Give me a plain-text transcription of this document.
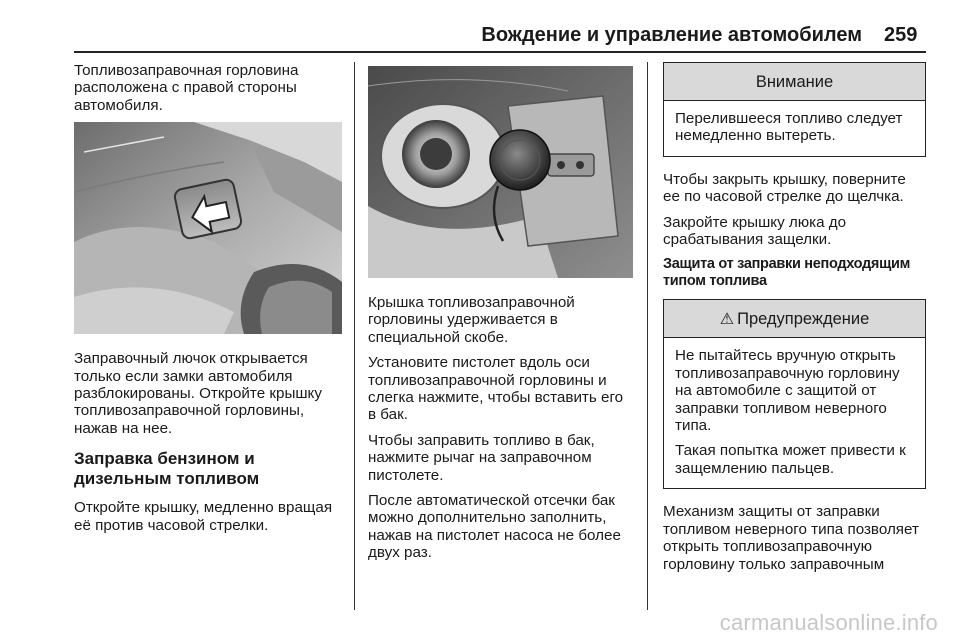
Вождение и управление автомобилем 259

Топливозаправочная горловина расположена с правой стороны автомобиля.

Заправочный лючок открывается только если замки автомобиля разблокированы. Откройте крышку топливозаправочной горловины, нажав на нее.

Заправка бензином и дизельным топливом

Откройте крышку, медленно вращая её против часовой стрелки.

Крышка топливозаправочной горловины удерживается в специальной скобе.

Установите пистолет вдоль оси топливозаправочной горловины и слегка нажмите, чтобы вставить его в бак.

Чтобы заправить топливо в бак, нажмите рычаг на заправочном пистолете.

После автоматической отсечки бак можно дополнительно заполнить, нажав на пистолет насоса не более двух раз.

Внимание

Перелившееся топливо следует немедленно вытереть.

Чтобы закрыть крышку, поверните ее по часовой стрелке до щелчка.

Закройте крышку люка до срабатывания защелки.

Защита от заправки неподходящим типом топлива
⚠ Предупреждение

Не пытайтесь вручную открыть топливозаправочную горловину на автомобиле с защитой от заправки топливом неверного типа.

Такая попытка может привести к защемлению пальцев.

Механизм защиты от заправки топливом неверного типа позволяет открыть топливозаправочную горловину только заправочным

carmanualsonline.info
